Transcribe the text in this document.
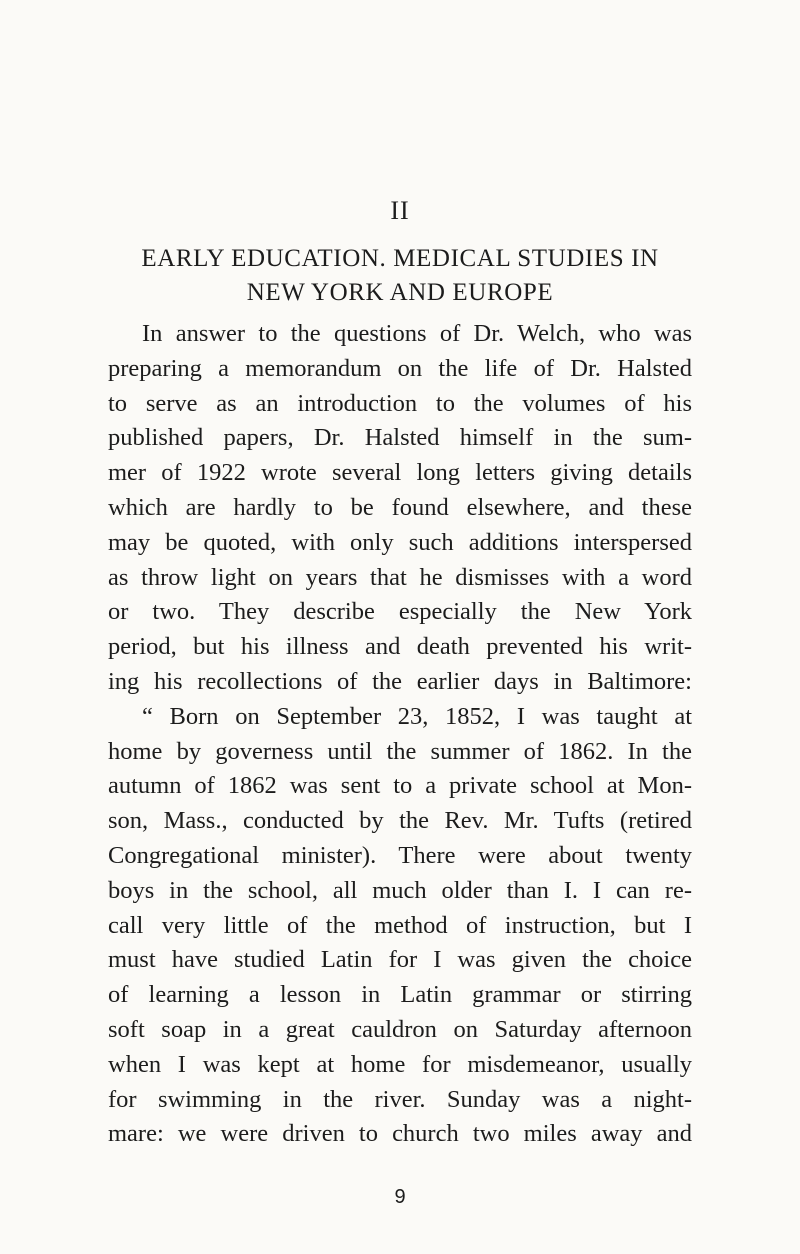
II
EARLY EDUCATION. MEDICAL STUDIES IN
NEW YORK AND EUROPE
In answer to the questions of Dr. Welch, who was
preparing a memorandum on the life of Dr. Halsted
to serve as an introduction to the volumes of his
published papers, Dr. Halsted himself in the sum-
mer of 1922 wrote several long letters giving details
which are hardly to be found elsewhere, and these
may be quoted, with only such additions interspersed
as throw light on years that he dismisses with a word
or two. They describe especially the New York
period, but his illness and death prevented his writ-
ing his recollections of the earlier days in Baltimore:
“ Born on September 23, 1852, I was taught at
home by governess until the summer of 1862. In the
autumn of 1862 was sent to a private school at Mon-
son, Mass., conducted by the Rev. Mr. Tufts (retired
Congregational minister). There were about twenty
boys in the school, all much older than I. I can re-
call very little of the method of instruction, but I
must have studied Latin for I was given the choice
of learning a lesson in Latin grammar or stirring
soft soap in a great cauldron on Saturday afternoon
when I was kept at home for misdemeanor, usually
for swimming in the river. Sunday was a night-
mare: we were driven to church two miles away and
9
